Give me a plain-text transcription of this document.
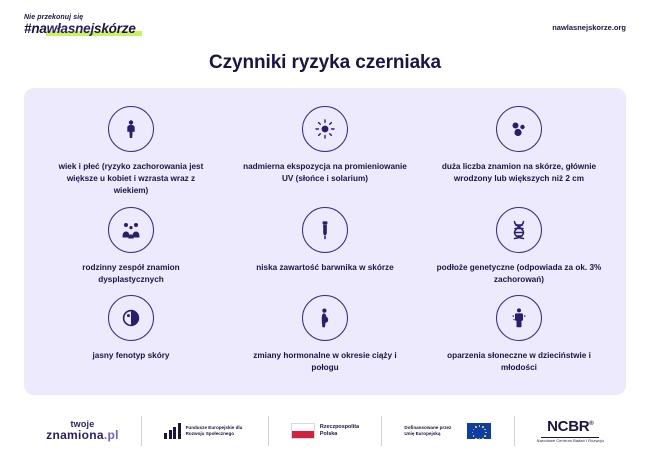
Nie przekonuj się
#nawłasnejskórze	nawlasnejskorze.org
Czynniki ryzyka czerniaka
wiek i płeć (ryzyko zachorowania jest większe u kobiet i wzrasta wraz z wiekiem)
nadmierna ekspozycja na promieniowanie UV (słońce i solarium)
duża liczba znamion na skórze, głównie wrodzony lub większych niż 2 cm
rodzinny zespół znamion dysplastycznych
niska zawartość barwnika w skórze	podłoże genetyczne (odpowiada za ok. 3% zachorowań)
jasny fenotyp skóry	zmiany hormonalne w okresie ciąży i połogu
oparzenia słoneczne w dzieciństwie i młodości
twoje
znamiona.pl
Fundusze Europejskie dla Rozwoju Społecznego
Rzeczpospolita
Polska
Dofinansowane przez Unię Europejską	NCBR®
Narodowe Centrum Badań i Rozwoju
